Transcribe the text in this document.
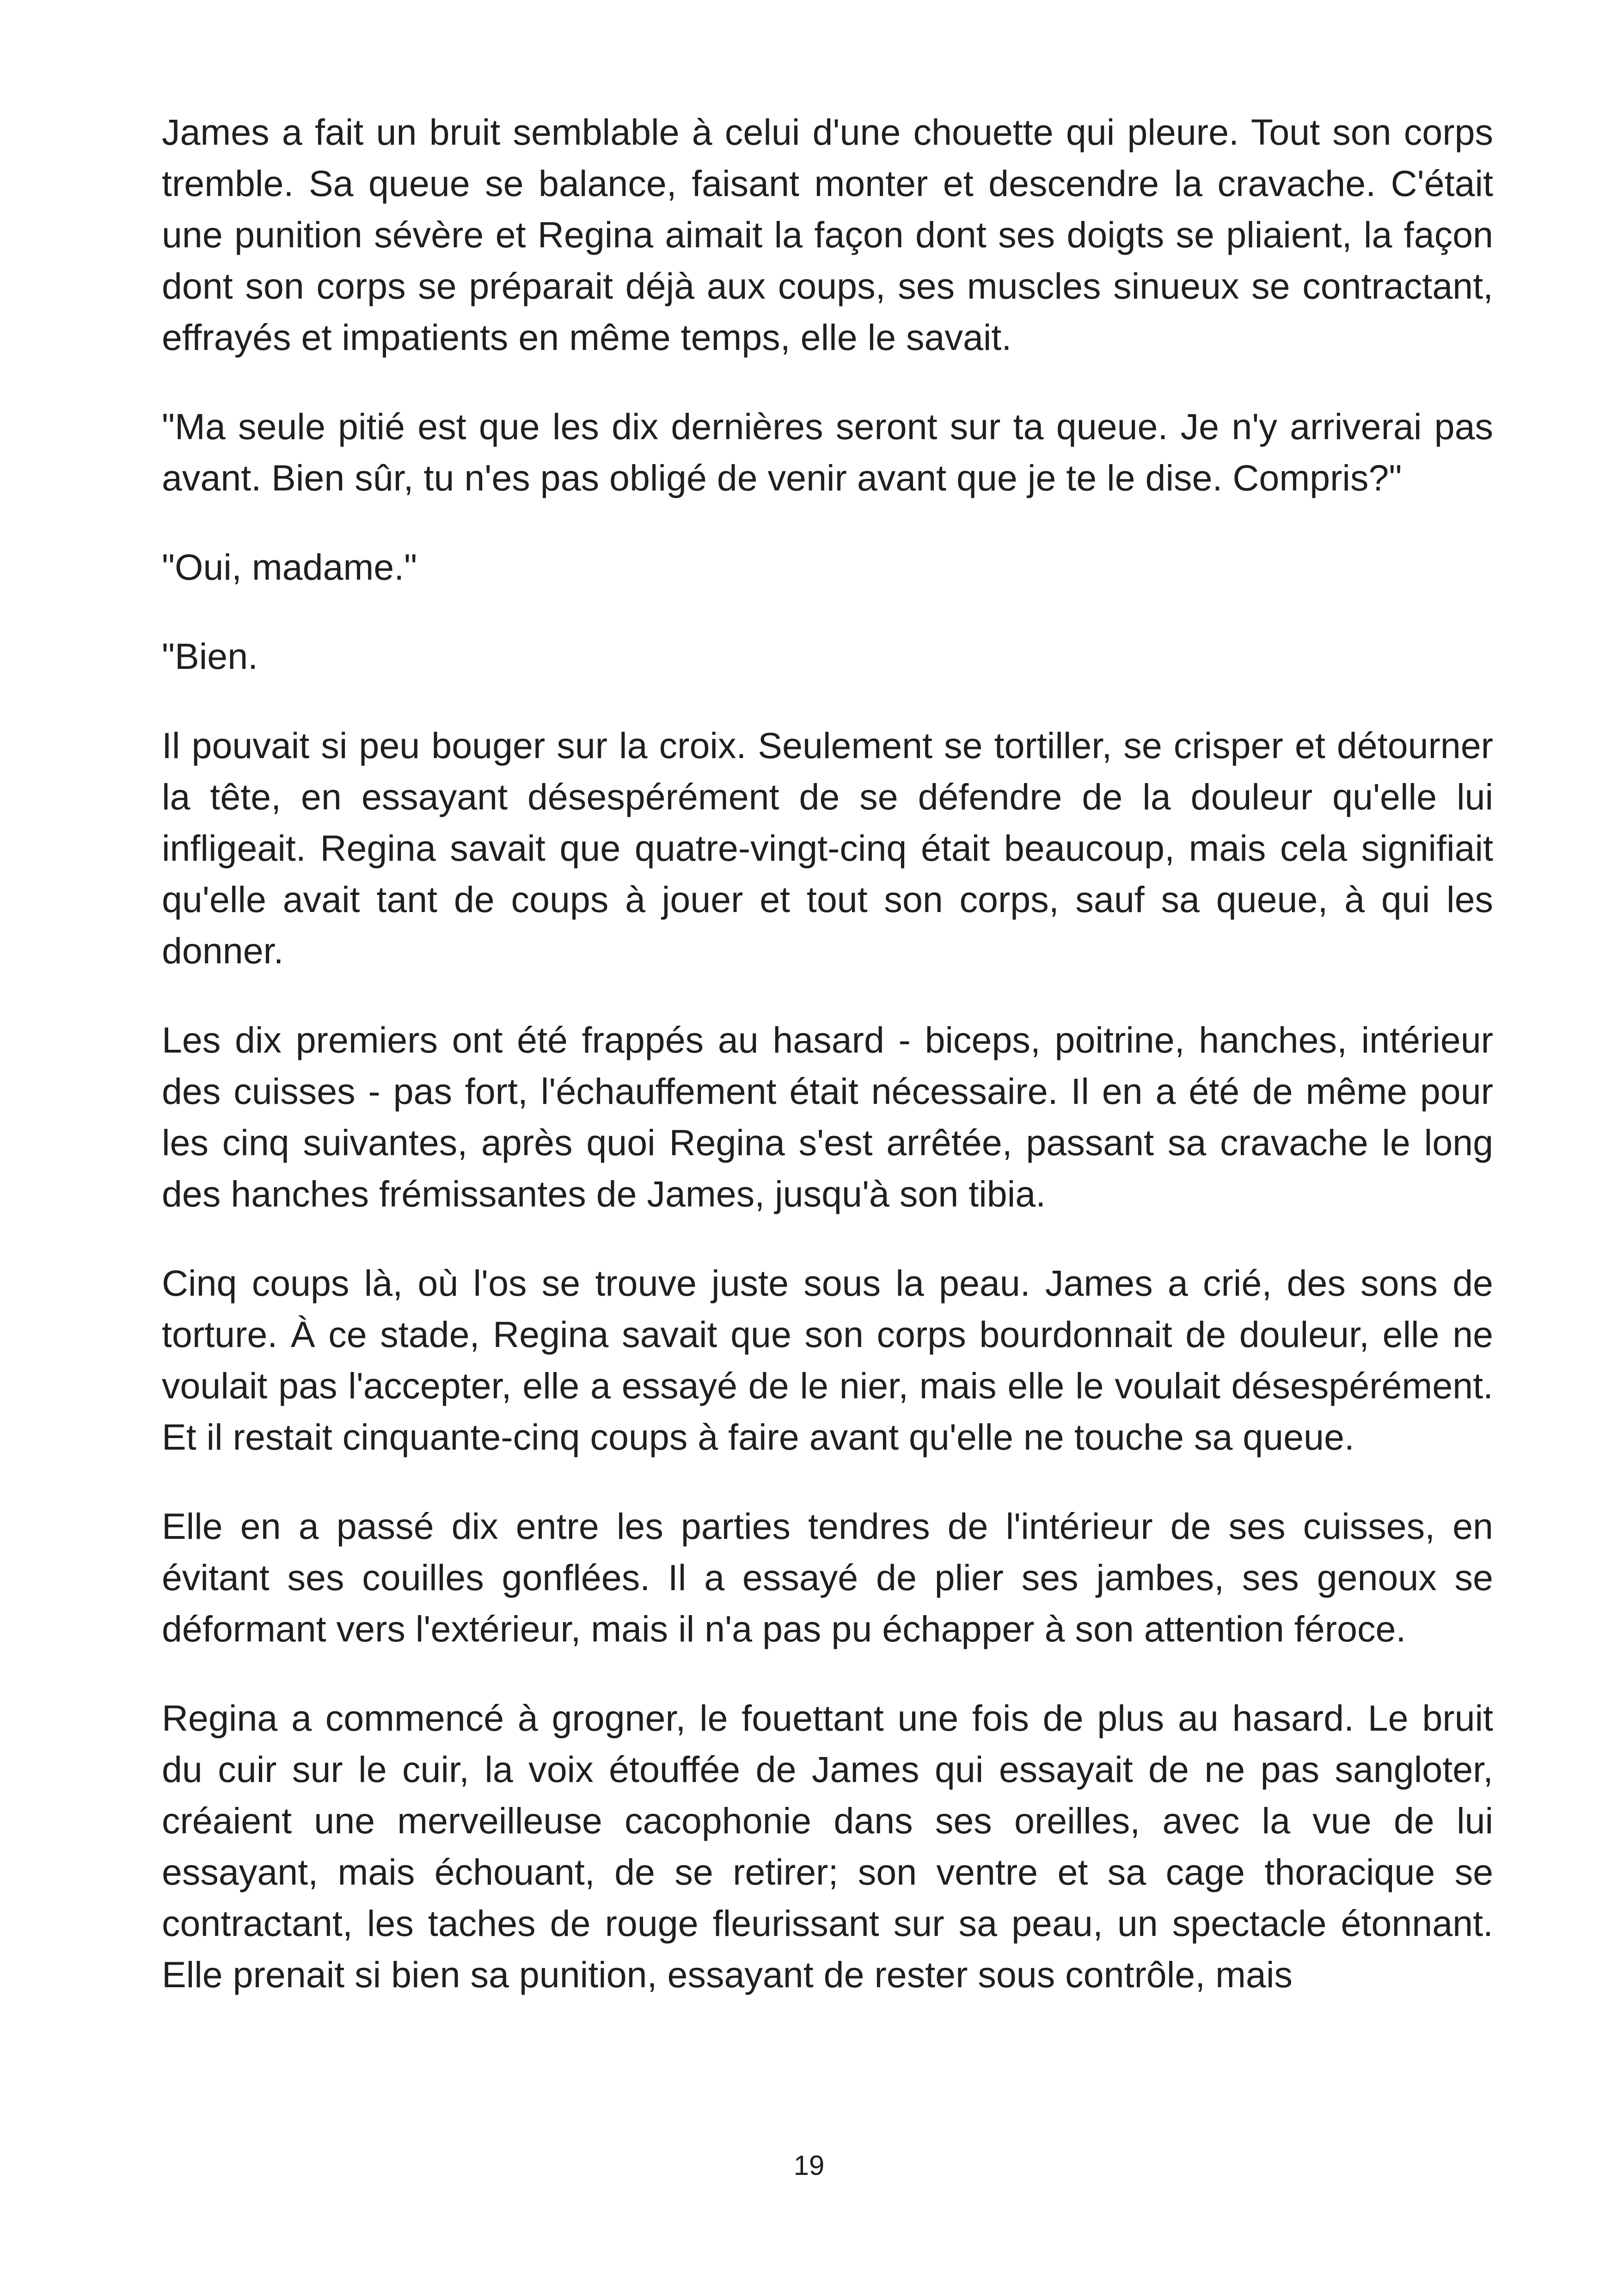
James a fait un bruit semblable à celui d'une chouette qui pleure. Tout son corps tremble. Sa queue se balance, faisant monter et descendre la cravache. C'était une punition sévère et Regina aimait la façon dont ses doigts se pliaient, la façon dont son corps se préparait déjà aux coups, ses muscles sinueux se contractant, effrayés et impatients en même temps, elle le savait.

"Ma seule pitié est que les dix dernières seront sur ta queue. Je n'y arriverai pas avant. Bien sûr, tu n'es pas obligé de venir avant que je te le dise. Compris?"

"Oui, madame."

"Bien.

Il pouvait si peu bouger sur la croix. Seulement se tortiller, se crisper et détourner la tête, en essayant désespérément de se défendre de la douleur qu'elle lui infligeait. Regina savait que quatre-vingt-cinq était beaucoup, mais cela signifiait qu'elle avait tant de coups à jouer et tout son corps, sauf sa queue, à qui les donner.

Les dix premiers ont été frappés au hasard - biceps, poitrine, hanches, intérieur des cuisses - pas fort, l'échauffement était nécessaire. Il en a été de même pour les cinq suivantes, après quoi Regina s'est arrêtée, passant sa cravache le long des hanches frémissantes de James, jusqu'à son tibia.

Cinq coups là, où l'os se trouve juste sous la peau. James a crié, des sons de torture. À ce stade, Regina savait que son corps bourdonnait de douleur, elle ne voulait pas l'accepter, elle a essayé de le nier, mais elle le voulait désespérément. Et il restait cinquante-cinq coups à faire avant qu'elle ne touche sa queue.

Elle en a passé dix entre les parties tendres de l'intérieur de ses cuisses, en évitant ses couilles gonflées. Il a essayé de plier ses jambes, ses genoux se déformant vers l'extérieur, mais il n'a pas pu échapper à son attention féroce.

Regina a commencé à grogner, le fouettant une fois de plus au hasard. Le bruit du cuir sur le cuir, la voix étouffée de James qui essayait de ne pas sangloter, créaient une merveilleuse cacophonie dans ses oreilles, avec la vue de lui essayant, mais échouant, de se retirer; son ventre et sa cage thoracique se contractant, les taches de rouge fleurissant sur sa peau, un spectacle étonnant. Elle prenait si bien sa punition, essayant de rester sous contrôle, mais

19
